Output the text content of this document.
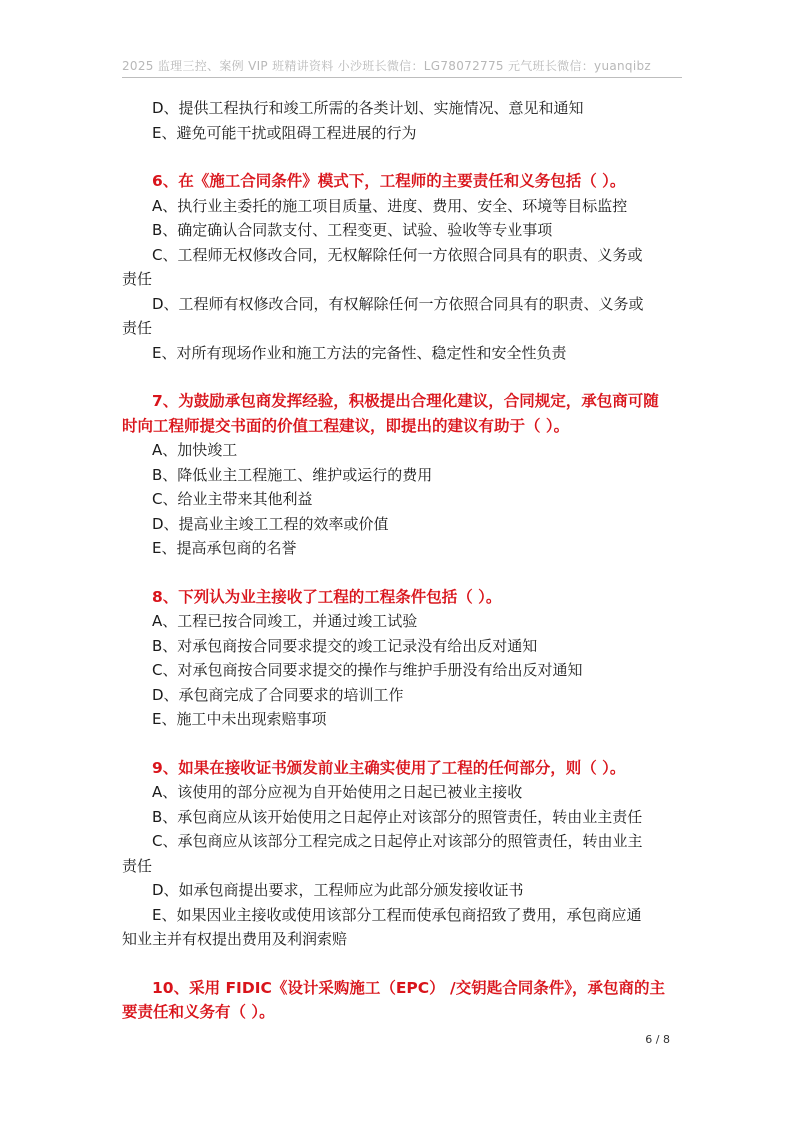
2025 监理三控、案例 VIP 班精讲资料 小沙班长微信：LG78072775 元气班长微信：yuanqibz
D、提供工程执行和竣工所需的各类计划、实施情况、意见和通知
E、避免可能干扰或阻碍工程进展的行为
6、在《施工合同条件》模式下，工程师的主要责任和义务包括（ ）。
A、执行业主委托的施工项目质量、进度、费用、安全、环境等目标监控
B、确定确认合同款支付、工程变更、试验、验收等专业事项
C、工程师无权修改合同，无权解除任何一方依照合同具有的职责、义务或
责任
D、工程师有权修改合同，有权解除任何一方依照合同具有的职责、义务或
责任
E、对所有现场作业和施工方法的完备性、稳定性和安全性负责
7、为鼓励承包商发挥经验，积极提出合理化建议，合同规定，承包商可随
时向工程师提交书面的价值工程建议，即提出的建议有助于（ ）。
A、加快竣工
B、降低业主工程施工、维护或运行的费用
C、给业主带来其他利益
D、提高业主竣工工程的效率或价值
E、提高承包商的名誉
8、下列认为业主接收了工程的工程条件包括（ ）。
A、工程已按合同竣工，并通过竣工试验
B、对承包商按合同要求提交的竣工记录没有给出反对通知
C、对承包商按合同要求提交的操作与维护手册没有给出反对通知
D、承包商完成了合同要求的培训工作
E、施工中未出现索赔事项
9、如果在接收证书颁发前业主确实使用了工程的任何部分，则（ ）。
A、该使用的部分应视为自开始使用之日起已被业主接收
B、承包商应从该开始使用之日起停止对该部分的照管责任，转由业主责任
C、承包商应从该部分工程完成之日起停止对该部分的照管责任，转由业主
责任
D、如承包商提出要求，工程师应为此部分颁发接收证书
E、如果因业主接收或使用该部分工程而使承包商招致了费用，承包商应通
知业主并有权提出费用及利润索赔
10、采用 FIDIC《设计采购施工（EPC） /交钥匙合同条件》，承包商的主
要责任和义务有（ ）。
6 / 8
